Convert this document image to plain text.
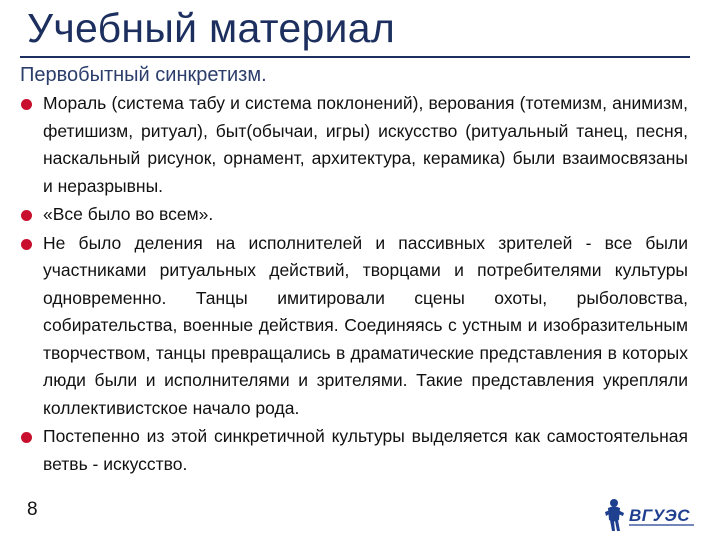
Учебный материал
Первобытный синкретизм.
Мораль (система табу и система поклонений), верования (тотемизм, анимизм, фетишизм, ритуал), быт(обычаи, игры) искусство (ритуальный танец, песня, наскальный рисунок, орнамент, архитектура, керамика) были взаимосвязаны и неразрывны.
«Все было во всем».
Не было деления на исполнителей и пассивных зрителей - все были участниками ритуальных действий, творцами и потребителями культуры одновременно. Танцы имитировали сцены охоты, рыболовства, собирательства, военные действия. Соединяясь с устным и изобразительным творчеством, танцы превращались в драматические представления в которых люди были и исполнителями и зрителями. Такие представления укрепляли коллективистское начало рода.
Постепенно из этой синкретичной культуры выделяется как самостоятельная ветвь - искусство.
8	ВГУЭС
